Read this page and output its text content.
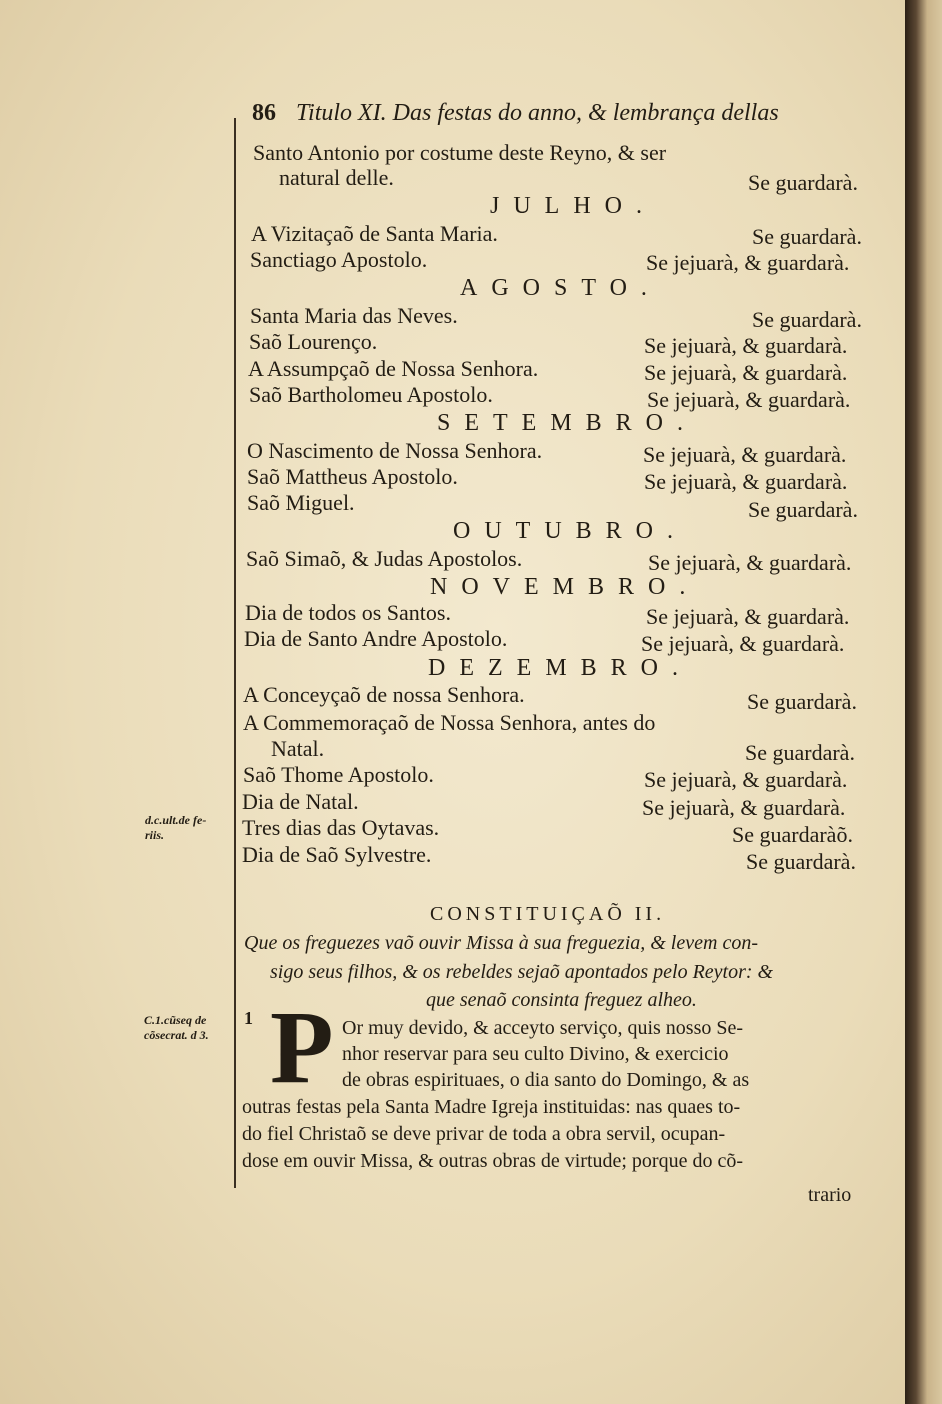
86 Titulo XI. Das festas do anno, & lembrança dellas
Santo Antonio por costume deste Reyno, & ser
natural delle.	Se guardarà.
JULHO.
A Vizitaçaõ de Santa Maria.	Se guardarà.
Sanctiago Apostolo.	Se jejuarà, & guardarà.
AGOSTO.
Santa Maria das Neves.	Se guardarà.
Saõ Lourenço.	Se jejuarà, & guardarà.
A Assumpçaõ de Nossa Senhora.	Se jejuarà, & guardarà.
Saõ Bartholomeu Apostolo.	Se jejuarà, & guardarà.
SETEMBRO.
O Nascimento de Nossa Senhora.	Se jejuarà, & guardarà.
Saõ Mattheus Apostolo.	Se jejuarà, & guardarà.
Saõ Miguel.	Se guardarà.
OUTUBRO.
Saõ Simaõ, & Judas Apostolos.	Se jejuarà, & guardarà.
NOVEMBRO.
Dia de todos os Santos.	Se jejuarà, & guardarà.
Dia de Santo Andre Apostolo.	Se jejuarà, & guardarà.
DEZEMBRO.
A Conceyçaõ de nossa Senhora.	Se guardarà.
A Commemoraçaõ de Nossa Senhora, antes do
Natal.	Se guardarà.
Saõ Thome Apostolo.	Se jejuarà, & guardarà.
Dia de Natal.	Se jejuarà, & guardarà.
Tres dias das Oytavas.	Se guardaràõ.
Dia de Saõ Sylvestre.	Se guardarà.
d.c.ult.de fe-
riis.
C.1.cũseq de
cõsecrat. d 3.
CONSTITUIÇAÕ II.
Que os freguezes vaõ ouvir Missa à sua freguezia, & levem con-
sigo seus filhos, & os rebeldes sejaõ apontados pelo Reytor: &
que senaõ consinta freguez alheo.
1 P Or muy devido, & acceyto serviço, quis nosso Se-
nhor reservar para seu culto Divino, & exercicio
de obras espirituaes, o dia santo do Domingo, & as
outras festas pela Santa Madre Igreja instituidas: nas quaes to-
do fiel Christaõ se deve privar de toda a obra servil, ocupan-
dose em ouvir Missa, & outras obras de virtude; porque do cõ-
trario
